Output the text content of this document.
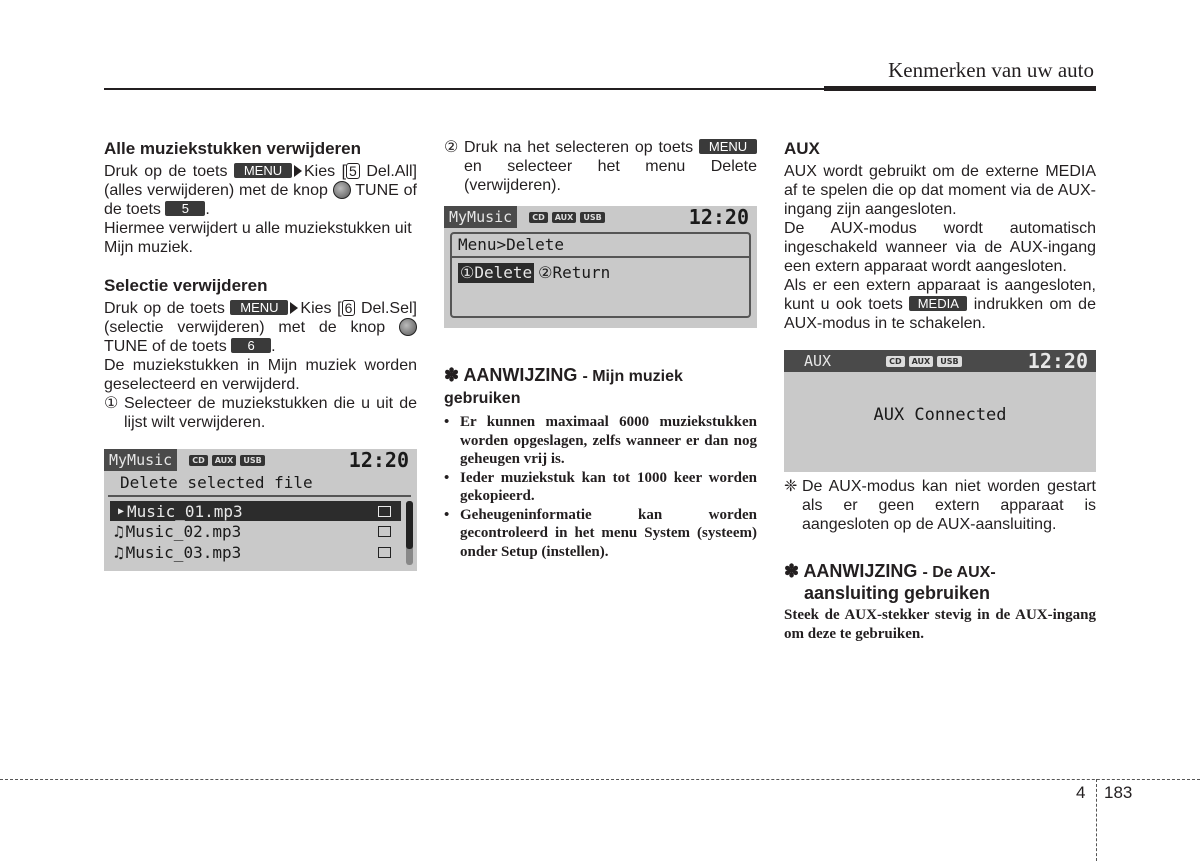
Kenmerken van uw auto
Alle muziekstukken verwijderen

Druk op de toets MENU Kies [ 5 Del.All] (alles verwijderen) met de knop TUNE of de toets 5 .

Hiermee verwijdert u alle muziekstukken uit Mijn muziek.

Selectie verwijderen

Druk op de toets MENU Kies [ 6 Del.Sel] (selectie verwijderen) met de knop  TUNE of de toets 6 .

De muziekstukken in Mijn muziek worden geselecteerd en verwijderd.

① Selecteer de muziekstukken die u uit de lijst wilt verwijderen.
MyMusic	CD	AUX	USB	12:20
Delete selected file
▶ Music_01.mp3
♫ Music_02.mp3
♫ Music_03.mp3
② Druk na het selecteren op toets MENU en selecteer het menu Delete (verwijderen).
MyMusic	CD	AUX	USB	12:20
Menu>Delete
①Delete ②Return
✽ AANWIJZING - Mijn muziek gebruiken
• Er kunnen maximaal 6000 muziekstukken worden opgeslagen, zelfs wanneer er dan nog geheugen vrij is.
• Ieder muziekstuk kan tot 1000 keer worden gekopieerd.
• Geheugeninformatie kan worden gecontroleerd in het menu System (systeem) onder Setup (instellen).
AUX

AUX wordt gebruikt om de externe MEDIA af te spelen die op dat moment via de AUX-ingang zijn aangesloten.

De AUX-modus wordt automatisch ingeschakeld wanneer via de AUX-ingang een extern apparaat wordt aangesloten.

Als er een extern apparaat is aangesloten, kunt u ook toets MEDIA indrukken om de AUX-modus in te schakelen.

AUX	CD	AUX	USB	12:20
AUX Connected
❈ De AUX-modus kan niet worden gestart als er geen extern apparaat is aangesloten op de AUX-aansluiting.
✽ AANWIJZING - De AUX-
aansluiting gebruiken

Steek de AUX-stekker stevig in de AUX-ingang om deze te gebruiken.

4 183
